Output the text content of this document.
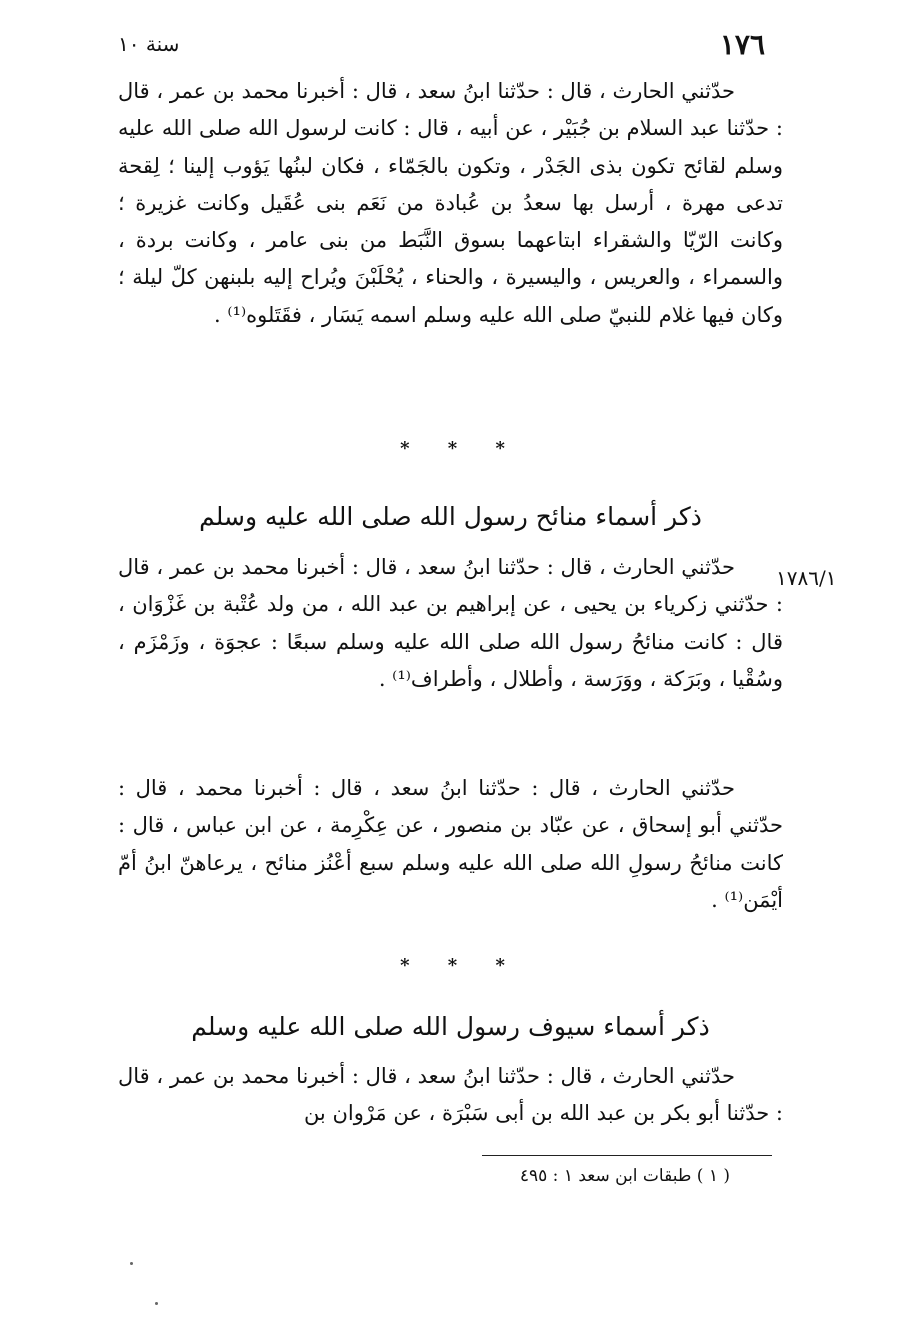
١٧٦
سنة ١٠

حدّثني الحارث ، قال : حدّثنا ابنُ سعد ، قال : أخبرنا محمد بن عمر ، قال : حدّثنا عبد السلام بن جُبَيْر ، عن أبيه ، قال : كانت لرسول الله صلى الله عليه وسلم لقائح تكون بذى الجَدْر ، وتكون بالجَمّاء ، فكان لبنُها يَؤوب إلينا ؛ لِقحة تدعى مهرة ، أرسل بها سعدُ بن عُبادة من نَعَم بنى عُقَيل وكانت غزيرة ؛ وكانت الرّيّا والشقراء ابتاعهما بسوق النَّبَط من بنى عامر ، وكانت بردة ، والسمراء ، والعريس ، واليسيرة ، والحناء ، يُحْلَبْنَ ويُراح إليه بلبنهن كلّ ليلة ؛ وكان فيها غلام للنبيّ صلى الله عليه وسلم اسمه يَسَار ، فقَتَلوه⁽¹⁾ .

* * *
ذكر أسماء منائح رسول الله صلى الله عليه وسلم
١٧٨٦/١

حدّثني الحارث ، قال : حدّثنا ابنُ سعد ، قال : أخبرنا محمد بن عمر ، قال : حدّثني زكرياء بن يحيى ، عن إبراهيم بن عبد الله ، من ولد عُتْبة بن غَزْوَان ، قال : كانت منائحُ رسول الله صلى الله عليه وسلم سبعًا : عجوَة ، وزَمْزَم ، وسُقْيا ، وبَرَكة ، ووَرَسة ، وأطلال ، وأطراف⁽¹⁾ .

حدّثني الحارث ، قال : حدّثنا ابنُ سعد ، قال : أخبرنا محمد ، قال : حدّثني أبو إسحاق ، عن عبّاد بن منصور ، عن عِكْرِمة ، عن ابن عباس ، قال : كانت منائحُ رسولِ الله صلى الله عليه وسلم سبع أعْنُز منائح ، يرعاهنّ ابنُ أمّ أيْمَن⁽¹⁾ .

* * *
ذكر أسماء سيوف رسول الله صلى الله عليه وسلم

حدّثني الحارث ، قال : حدّثنا ابنُ سعد ، قال : أخبرنا محمد بن عمر ، قال : حدّثنا أبو بكر بن عبد الله بن أبى سَبْرَة ، عن مَرْوان بن

( ١ ) طبقات ابن سعد ١ : ٤٩٥
